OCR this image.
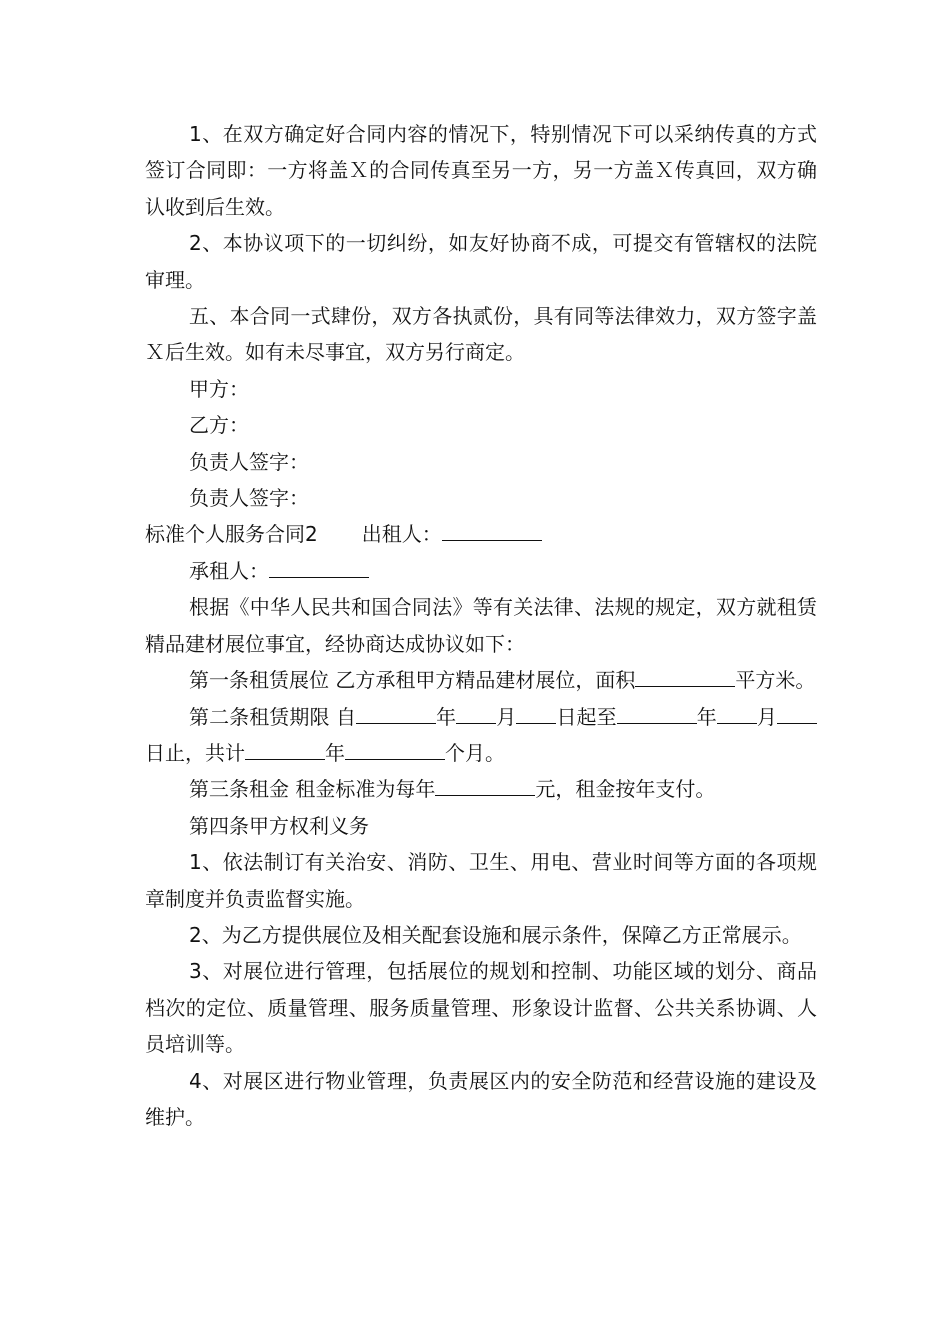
1、在双方确定好合同内容的情况下，特别情况下可以采纳传真的方式签订合同即：一方将盖Ｘ的合同传真至另一方，另一方盖Ｘ传真回，双方确认收到后生效。

2、本协议项下的一切纠纷，如友好协商不成，可提交有管辖权的法院审理。

五、本合同一式肆份，双方各执贰份，具有同等法律效力，双方签字盖Ｘ后生效。如有未尽事宜，双方另行商定。

甲方：

乙方：

负责人签字：

负责人签字：

标准个人服务合同2 出租人：

承租人：

根据《中华人民共和国合同法》等有关法律、法规的规定，双方就租赁精品建材展位事宜，经协商达成协议如下：

第一条租赁展位 乙方承租甲方精品建材展位，面积	平方米。

第二条租赁期限 自	年 月 日起至	年 月日止，共计	年	个月。

第三条租金 租金标准为每年	元，租金按年支付。

第四条甲方权利义务

1、依法制订有关治安、消防、卫生、用电、营业时间等方面的各项规章制度并负责监督实施。

2、为乙方提供展位及相关配套设施和展示条件，保障乙方正常展示。

3、对展位进行管理，包括展位的规划和控制、功能区域的划分、商品档次的定位、质量管理、服务质量管理、形象设计监督、公共关系协调、人员培训等。

4、对展区进行物业管理，负责展区内的安全防范和经营设施的建设及维护。
